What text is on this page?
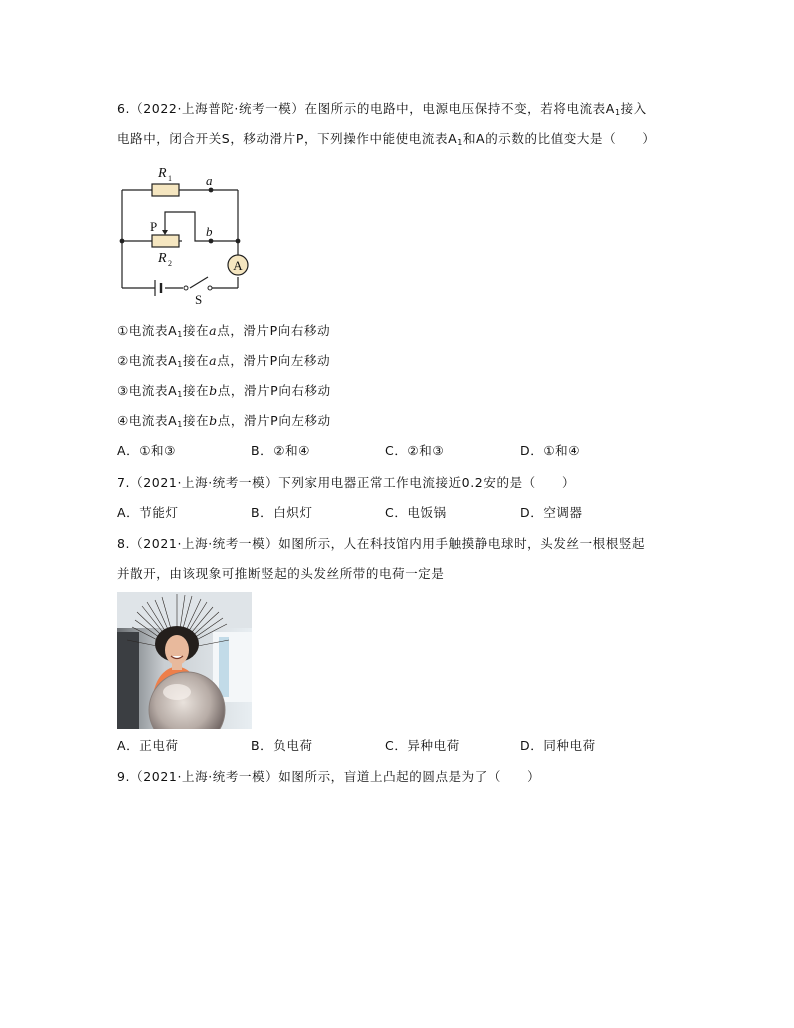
6.（2022·上海普陀·统考一模）在图所示的电路中，电源电压保持不变，若将电流表$A_1$接入
电路中，闭合开关S，移动滑片P，下列操作中能使电流表$A_1$和A的示数的比值变大是（　　）
A
R 1
R 2
a
b
P
S
①电流表$A_1$接在a点，滑片P向右移动
②电流表$A_1$接在a点，滑片P向左移动
③电流表$A_1$接在b点，滑片P向右移动
④电流表$A_1$接在b点，滑片P向左移动
A．①和③	B．②和④	C．②和③	D．①和④
7.（2021·上海·统考一模）下列家用电器正常工作电流接近0.2安的是（　　）
A．节能灯	B．白炽灯	C．电饭锅	D．空调器
8.（2021·上海·统考一模）如图所示，人在科技馆内用手触摸静电球时，头发丝一根根竖起
并散开，由该现象可推断竖起的头发丝所带的电荷一定是
A．正电荷	B．负电荷	C．异种电荷	D．同种电荷
9.（2021·上海·统考一模）如图所示，盲道上凸起的圆点是为了（　　）
